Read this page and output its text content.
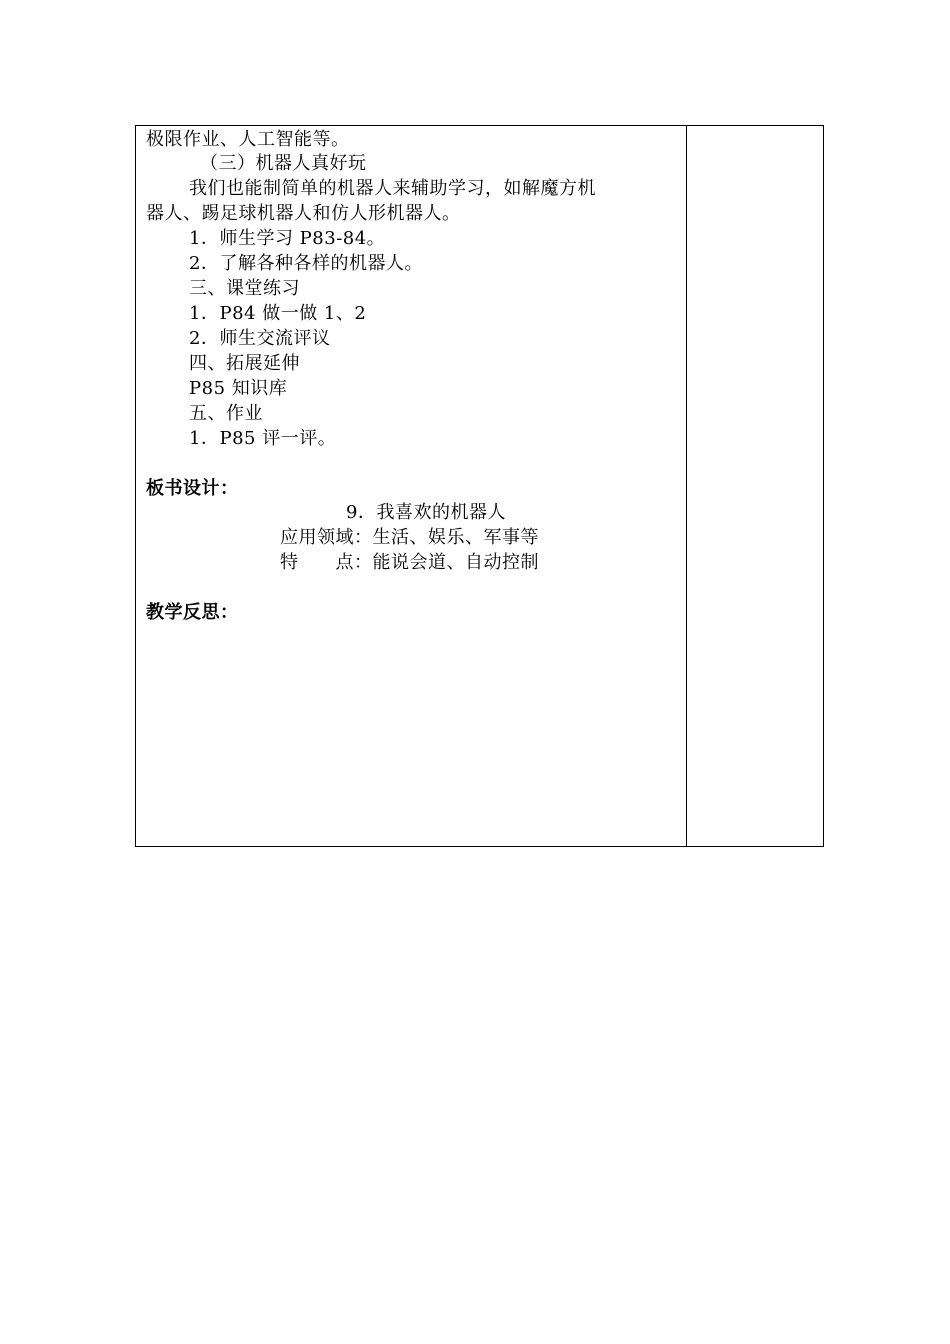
极限作业、人工智能等。
（三）机器人真好玩
我们也能制简单的机器人来辅助学习，如解魔方机
器人、踢足球机器人和仿人形机器人。
1．师生学习 P83-84。
2．了解各种各样的机器人。
三、课堂练习
1．P84 做一做 1、2
2．师生交流评议
四、拓展延伸
P85 知识库
五、作业
1．P85 评一评。
板书设计：
9．我喜欢的机器人
应用领域：生活、娱乐、军事等
特　　点：能说会道、自动控制
教学反思：
